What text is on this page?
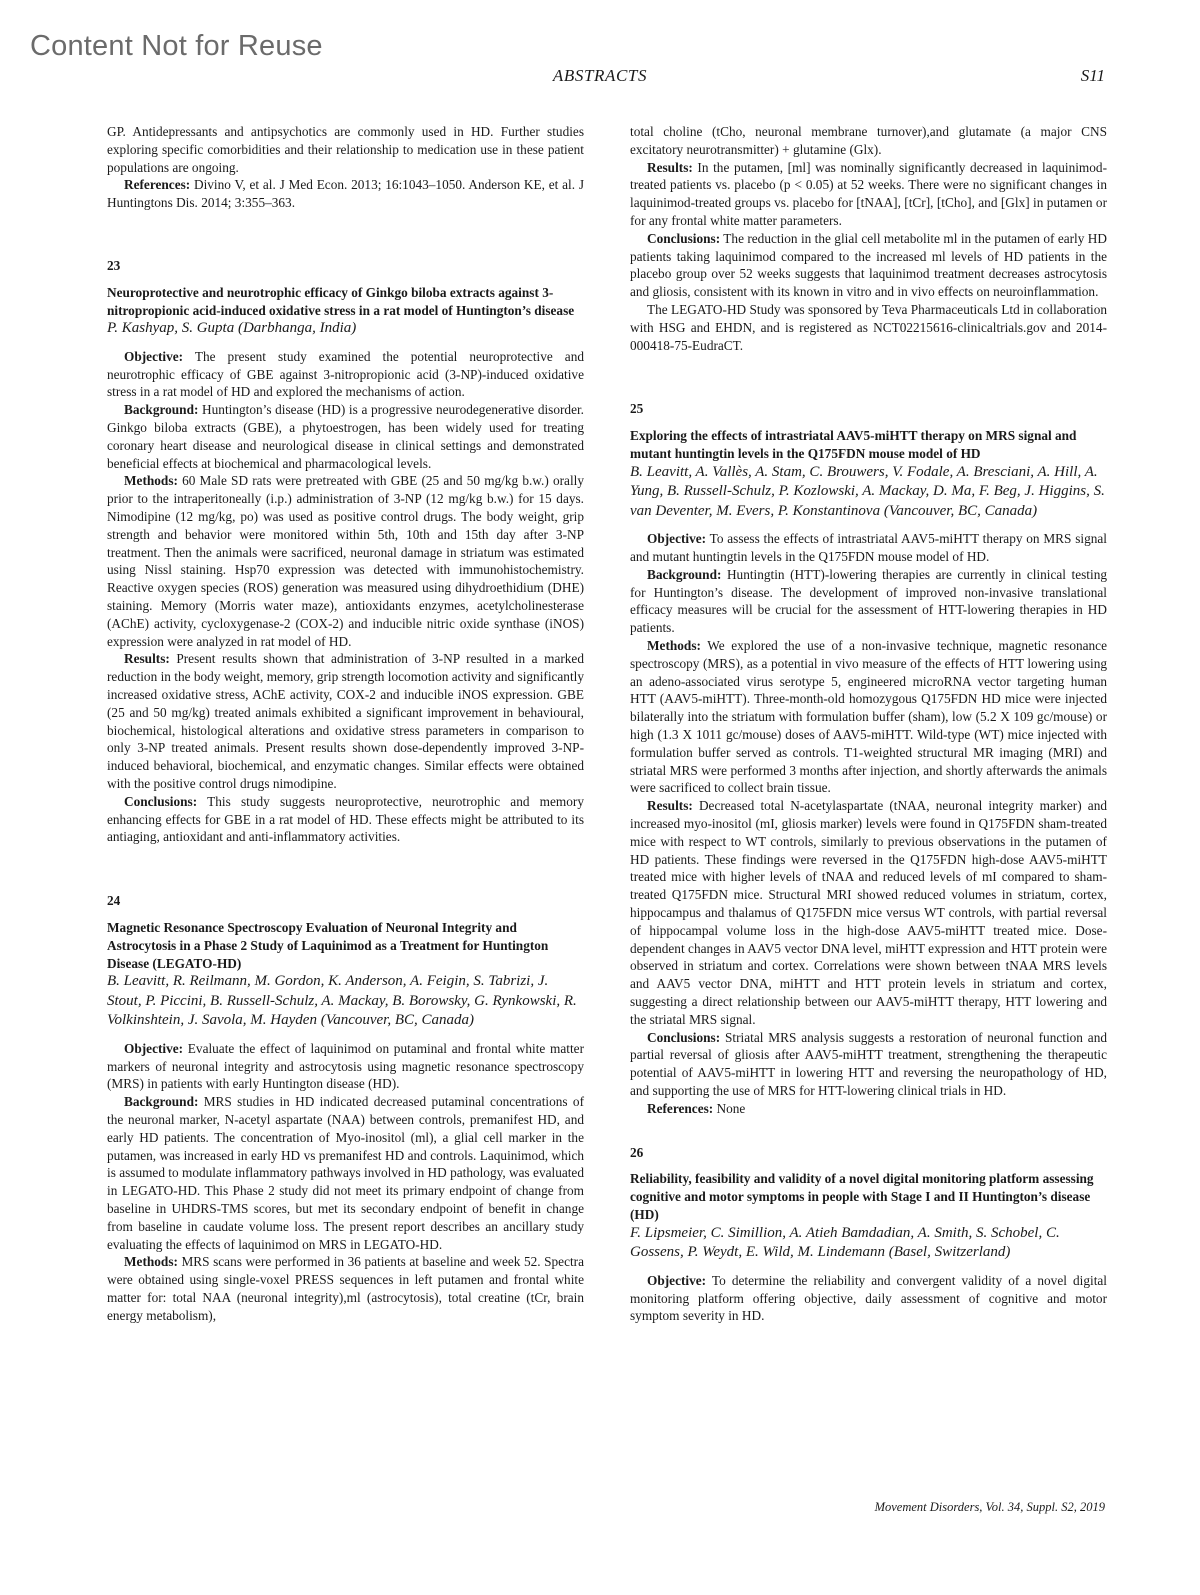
Content Not for Reuse
ABSTRACTS	S11

GP. Antidepressants and antipsychotics are commonly used in HD. Further studies exploring specific comorbidities and their relationship to medication use in these patient populations are ongoing.

References: Divino V, et al. J Med Econ. 2013; 16:1043–1050. Anderson KE, et al. J Huntingtons Dis. 2014; 3:355–363.

23
Neuroprotective and neurotrophic efficacy of Ginkgo biloba extracts against 3-nitropropionic acid-induced oxidative stress in a rat model of Huntington’s disease
P. Kashyap, S. Gupta (Darbhanga, India)

Objective: The present study examined the potential neuroprotective and neurotrophic efficacy of GBE against 3-nitropropionic acid (3-NP)-induced oxidative stress in a rat model of HD and explored the mechanisms of action.

Background: Huntington’s disease (HD) is a progressive neurodegenerative disorder. Ginkgo biloba extracts (GBE), a phytoestrogen, has been widely used for treating coronary heart disease and neurological disease in clinical settings and demonstrated beneficial effects at biochemical and pharmacological levels.

Methods: 60 Male SD rats were pretreated with GBE (25 and 50 mg/kg b.w.) orally prior to the intraperitoneally (i.p.) administration of 3-NP (12 mg/kg b.w.) for 15 days. Nimodipine (12 mg/kg, po) was used as positive control drugs. The body weight, grip strength and behavior were monitored within 5th, 10th and 15th day after 3-NP treatment. Then the animals were sacrificed, neuronal damage in striatum was estimated using Nissl staining. Hsp70 expression was detected with immunohistochemistry. Reactive oxygen species (ROS) generation was measured using dihydroethidium (DHE) staining. Memory (Morris water maze), antioxidants enzymes, acetylcholinesterase (AChE) activity, cycloxygenase-2 (COX-2) and inducible nitric oxide synthase (iNOS) expression were analyzed in rat model of HD.

Results: Present results shown that administration of 3-NP resulted in a marked reduction in the body weight, memory, grip strength locomotion activity and significantly increased oxidative stress, AChE activity, COX-2 and inducible iNOS expression. GBE (25 and 50 mg/kg) treated animals exhibited a significant improvement in behavioural, biochemical, histological alterations and oxidative stress parameters in comparison to only 3-NP treated animals. Present results shown dose-dependently improved 3-NP-induced behavioral, biochemical, and enzymatic changes. Similar effects were obtained with the positive control drugs nimodipine.

Conclusions: This study suggests neuroprotective, neurotrophic and memory enhancing effects for GBE in a rat model of HD. These effects might be attributed to its antiaging, antioxidant and anti-inflammatory activities.

24
Magnetic Resonance Spectroscopy Evaluation of Neuronal Integrity and Astrocytosis in a Phase 2 Study of Laquinimod as a Treatment for Huntington Disease (LEGATO-HD)
B. Leavitt, R. Reilmann, M. Gordon, K. Anderson, A. Feigin, S. Tabrizi, J. Stout, P. Piccini, B. Russell-Schulz, A. Mackay, B. Borowsky, G. Rynkowski, R. Volkinshtein, J. Savola, M. Hayden (Vancouver, BC, Canada)

Objective: Evaluate the effect of laquinimod on putaminal and frontal white matter markers of neuronal integrity and astrocytosis using magnetic resonance spectroscopy (MRS) in patients with early Huntington disease (HD).

Background: MRS studies in HD indicated decreased putaminal concentrations of the neuronal marker, N-acetyl aspartate (NAA) between controls, premanifest HD, and early HD patients. The concentration of Myo-inositol (ml), a glial cell marker in the putamen, was increased in early HD vs premanifest HD and controls. Laquinimod, which is assumed to modulate inflammatory pathways involved in HD pathology, was evaluated in LEGATO-HD. This Phase 2 study did not meet its primary endpoint of change from baseline in UHDRS-TMS scores, but met its secondary endpoint of benefit in change from baseline in caudate volume loss. The present report describes an ancillary study evaluating the effects of laquinimod on MRS in LEGATO-HD.

Methods: MRS scans were performed in 36 patients at baseline and week 52. Spectra were obtained using single-voxel PRESS sequences in left putamen and frontal white matter for: total NAA (neuronal integrity),ml (astrocytosis), total creatine (tCr, brain energy metabolism),

total choline (tCho, neuronal membrane turnover),and glutamate (a major CNS excitatory neurotransmitter) + glutamine (Glx).

Results: In the putamen, [ml] was nominally significantly decreased in laquinimod-treated patients vs. placebo (p < 0.05) at 52 weeks. There were no significant changes in laquinimod-treated groups vs. placebo for [tNAA], [tCr], [tCho], and [Glx] in putamen or for any frontal white matter parameters.

Conclusions: The reduction in the glial cell metabolite ml in the putamen of early HD patients taking laquinimod compared to the increased ml levels of HD patients in the placebo group over 52 weeks suggests that laquinimod treatment decreases astrocytosis and gliosis, consistent with its known in vitro and in vivo effects on neuroinflammation.

The LEGATO-HD Study was sponsored by Teva Pharmaceuticals Ltd in collaboration with HSG and EHDN, and is registered as NCT02215616-clinicaltrials.gov and 2014-000418-75-EudraCT.

25
Exploring the effects of intrastriatal AAV5-miHTT therapy on MRS signal and mutant huntingtin levels in the Q175FDN mouse model of HD
B. Leavitt, A. Vallès, A. Stam, C. Brouwers, V. Fodale, A. Bresciani, A. Hill, A. Yung, B. Russell-Schulz, P. Kozlowski, A. Mackay, D. Ma, F. Beg, J. Higgins, S. van Deventer, M. Evers, P. Konstantinova (Vancouver, BC, Canada)

Objective: To assess the effects of intrastriatal AAV5-miHTT therapy on MRS signal and mutant huntingtin levels in the Q175FDN mouse model of HD.

Background: Huntingtin (HTT)-lowering therapies are currently in clinical testing for Huntington’s disease. The development of improved non-invasive translational efficacy measures will be crucial for the assessment of HTT-lowering therapies in HD patients.

Methods: We explored the use of a non-invasive technique, magnetic resonance spectroscopy (MRS), as a potential in vivo measure of the effects of HTT lowering using an adeno-associated virus serotype 5, engineered microRNA vector targeting human HTT (AAV5-miHTT). Three-month-old homozygous Q175FDN HD mice were injected bilaterally into the striatum with formulation buffer (sham), low (5.2 X 109 gc/mouse) or high (1.3 X 1011 gc/mouse) doses of AAV5-miHTT. Wild-type (WT) mice injected with formulation buffer served as controls. T1-weighted structural MR imaging (MRI) and striatal MRS were performed 3 months after injection, and shortly afterwards the animals were sacrificed to collect brain tissue.

Results: Decreased total N-acetylaspartate (tNAA, neuronal integrity marker) and increased myo-inositol (mI, gliosis marker) levels were found in Q175FDN sham-treated mice with respect to WT controls, similarly to previous observations in the putamen of HD patients. These findings were reversed in the Q175FDN high-dose AAV5-miHTT treated mice with higher levels of tNAA and reduced levels of mI compared to sham-treated Q175FDN mice. Structural MRI showed reduced volumes in striatum, cortex, hippocampus and thalamus of Q175FDN mice versus WT controls, with partial reversal of hippocampal volume loss in the high-dose AAV5-miHTT treated mice. Dose-dependent changes in AAV5 vector DNA level, miHTT expression and HTT protein were observed in striatum and cortex. Correlations were shown between tNAA MRS levels and AAV5 vector DNA, miHTT and HTT protein levels in striatum and cortex, suggesting a direct relationship between our AAV5-miHTT therapy, HTT lowering and the striatal MRS signal.

Conclusions: Striatal MRS analysis suggests a restoration of neuronal function and partial reversal of gliosis after AAV5-miHTT treatment, strengthening the therapeutic potential of AAV5-miHTT in lowering HTT and reversing the neuropathology of HD, and supporting the use of MRS for HTT-lowering clinical trials in HD.

References: None

26
Reliability, feasibility and validity of a novel digital monitoring platform assessing cognitive and motor symptoms in people with Stage I and II Huntington’s disease (HD)
F. Lipsmeier, C. Simillion, A. Atieh Bamdadian, A. Smith, S. Schobel, C. Gossens, P. Weydt, E. Wild, M. Lindemann (Basel, Switzerland)

Objective: To determine the reliability and convergent validity of a novel digital monitoring platform offering objective, daily assessment of cognitive and motor symptom severity in HD.

Movement Disorders, Vol. 34, Suppl. S2, 2019
